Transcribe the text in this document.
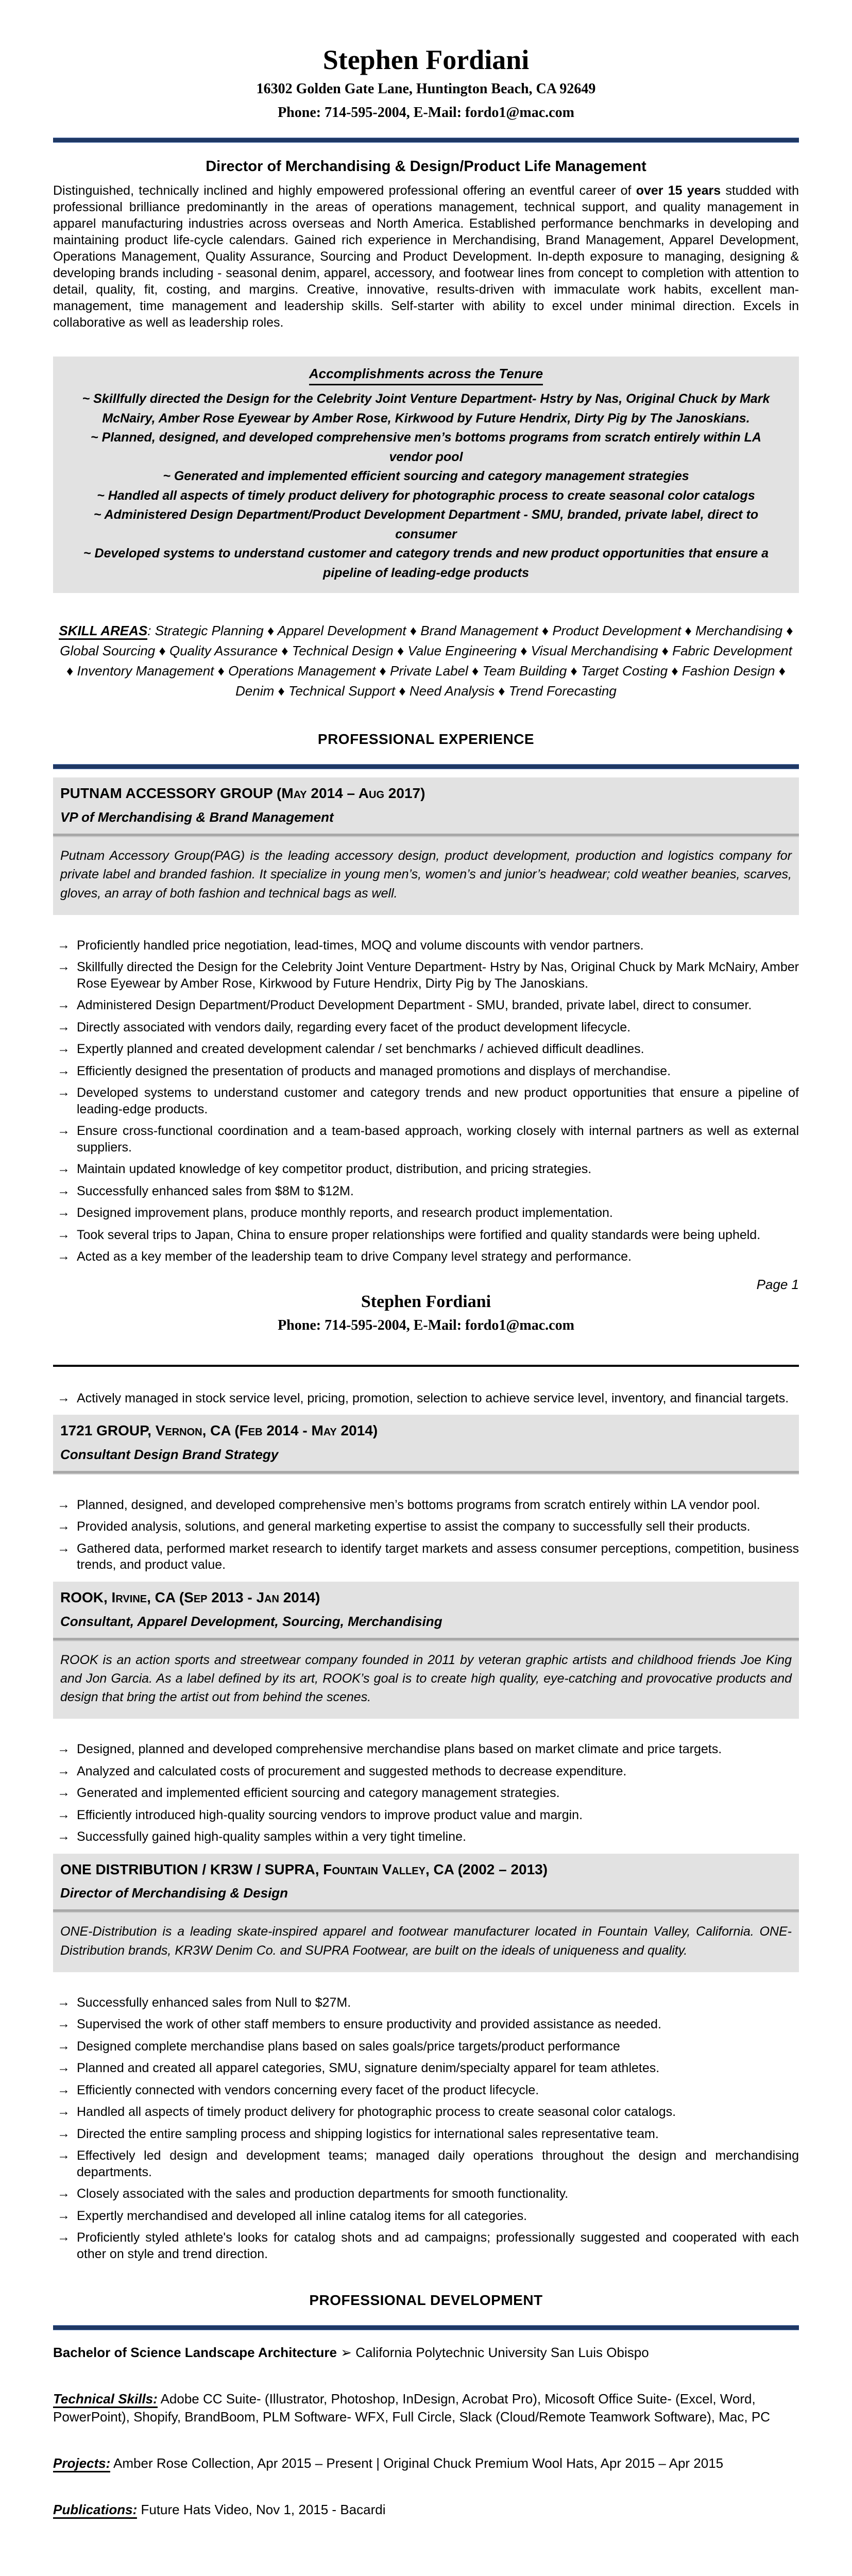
Stephen Fordiani

16302 Golden Gate Lane, Huntington Beach, CA 92649

Phone: 714-595-2004, E-Mail: fordo1@mac.com

Director of Merchandising & Design/Product Life Management

Distinguished, technically inclined and highly empowered professional offering an eventful career of over 15 years studded with professional brilliance predominantly in the areas of operations management, technical support, and quality management in apparel manufacturing industries across overseas and North America. Established performance benchmarks in developing and maintaining product life-cycle calendars. Gained rich experience in Merchandising, Brand Management, Apparel Development, Operations Management, Quality Assurance, Sourcing and Product Development. In-depth exposure to managing, designing & developing brands including - seasonal denim, apparel, accessory, and footwear lines from concept to completion with attention to detail, quality, fit, costing, and margins. Creative, innovative, results-driven with immaculate work habits, excellent man-management, time management and leadership skills. Self-starter with ability to excel under minimal direction. Excels in collaborative as well as leadership roles.

Accomplishments across the Tenure
~ Skillfully directed the Design for the Celebrity Joint Venture Department- Hstry by Nas, Original Chuck by Mark McNairy, Amber Rose Eyewear by Amber Rose, Kirkwood by Future Hendrix, Dirty Pig by The Janoskians.
~ Planned, designed, and developed comprehensive men’s bottoms programs from scratch entirely within LA vendor pool
~ Generated and implemented efficient sourcing and category management strategies
~ Handled all aspects of timely product delivery for photographic process to create seasonal color catalogs
~ Administered Design Department/Product Development Department - SMU, branded, private label, direct to consumer
~ Developed systems to understand customer and category trends and new product opportunities that ensure a pipeline of leading-edge products

SKILL AREAS: Strategic Planning ♦ Apparel Development ♦ Brand Management ♦ Product Development ♦ Merchandising ♦ Global Sourcing ♦ Quality Assurance ♦ Technical Design ♦ Value Engineering ♦ Visual Merchandising ♦ Fabric Development ♦ Inventory Management ♦ Operations Management ♦ Private Label ♦ Team Building ♦ Target Costing ♦ Fashion Design ♦ Denim ♦ Technical Support ♦ Need Analysis ♦ Trend Forecasting

PROFESSIONAL EXPERIENCE
PUTNAM ACCESSORY GROUP (May 2014 – Aug 2017)
VP of Merchandising & Brand Management

Putnam Accessory Group(PAG) is the leading accessory design, product development, production and logistics company for private label and branded fashion. It specialize in young men’s, women’s and junior’s headwear; cold weather beanies, scarves, gloves, an array of both fashion and technical bags as well.

→ Proficiently handled price negotiation, lead-times, MOQ and volume discounts with vendor partners.
→ Skillfully directed the Design for the Celebrity Joint Venture Department- Hstry by Nas, Original Chuck by Mark McNairy, Amber Rose Eyewear by Amber Rose, Kirkwood by Future Hendrix, Dirty Pig by The Janoskians.
→ Administered Design Department/Product Development Department - SMU, branded, private label, direct to consumer.
→ Directly associated with vendors daily, regarding every facet of the product development lifecycle.
→ Expertly planned and created development calendar / set benchmarks / achieved difficult deadlines.
→ Efficiently designed the presentation of products and managed promotions and displays of merchandise.
→ Developed systems to understand customer and category trends and new product opportunities that ensure a pipeline of leading-edge products.
→ Ensure cross-functional coordination and a team-based approach, working closely with internal partners as well as external suppliers.
→ Maintain updated knowledge of key competitor product, distribution, and pricing strategies.
→ Successfully enhanced sales from $8M to $12M.
→ Designed improvement plans, produce monthly reports, and research product implementation.
→ Took several trips to Japan, China to ensure proper relationships were fortified and quality standards were being upheld.
→ Acted as a key member of the leadership team to drive Company level strategy and performance.
Page 1
Stephen Fordiani

Phone: 714-595-2004, E-Mail: fordo1@mac.com

→ Actively managed in stock service level, pricing, promotion, selection to achieve service level, inventory, and financial targets.
1721 GROUP, Vernon, CA (Feb 2014 - May 2014)
Consultant Design Brand Strategy
→ Planned, designed, and developed comprehensive men’s bottoms programs from scratch entirely within LA vendor pool.
→ Provided analysis, solutions, and general marketing expertise to assist the company to successfully sell their products.
→ Gathered data, performed market research to identify target markets and assess consumer perceptions, competition, business trends, and product value.
ROOK, Irvine, CA (Sep 2013 - Jan 2014)
Consultant, Apparel Development, Sourcing, Merchandising

ROOK is an action sports and streetwear company founded in 2011 by veteran graphic artists and childhood friends Joe King and Jon Garcia. As a label defined by its art, ROOK’s goal is to create high quality, eye-catching and provocative products and design that bring the artist out from behind the scenes.

→ Designed, planned and developed comprehensive merchandise plans based on market climate and price targets.
→ Analyzed and calculated costs of procurement and suggested methods to decrease expenditure.
→ Generated and implemented efficient sourcing and category management strategies.
→ Efficiently introduced high-quality sourcing vendors to improve product value and margin.
→ Successfully gained high-quality samples within a very tight timeline.
ONE DISTRIBUTION / KR3W / SUPRA, Fountain Valley, CA (2002 – 2013)
Director of Merchandising & Design

ONE-Distribution is a leading skate-inspired apparel and footwear manufacturer located in Fountain Valley, California. ONE-Distribution brands, KR3W Denim Co. and SUPRA Footwear, are built on the ideals of uniqueness and quality.

→ Successfully enhanced sales from Null to $27M.
→ Supervised the work of other staff members to ensure productivity and provided assistance as needed.
→ Designed complete merchandise plans based on sales goals/price targets/product performance
→ Planned and created all apparel categories, SMU, signature denim/specialty apparel for team athletes.
→ Efficiently connected with vendors concerning every facet of the product lifecycle.
→ Handled all aspects of timely product delivery for photographic process to create seasonal color catalogs.
→ Directed the entire sampling process and shipping logistics for international sales representative team.
→ Effectively led design and development teams; managed daily operations throughout the design and merchandising departments.
→ Closely associated with the sales and production departments for smooth functionality.
→ Expertly merchandised and developed all inline catalog items for all categories.
→ Proficiently styled athlete's looks for catalog shots and ad campaigns; professionally suggested and cooperated with each other on style and trend direction.
PROFESSIONAL DEVELOPMENT

Bachelor of Science Landscape Architecture ➢ California Polytechnic University San Luis Obispo

Technical Skills: Adobe CC Suite- (Illustrator, Photoshop, InDesign, Acrobat Pro), Micosoft Office Suite- (Excel, Word, PowerPoint), Shopify, BrandBoom, PLM Software- WFX, Full Circle, Slack (Cloud/Remote Teamwork Software), Mac, PC

Projects: Amber Rose Collection, Apr 2015 – Present | Original Chuck Premium Wool Hats, Apr 2015 – Apr 2015

Publications: Future Hats Video, Nov 1, 2015 - Bacardi
